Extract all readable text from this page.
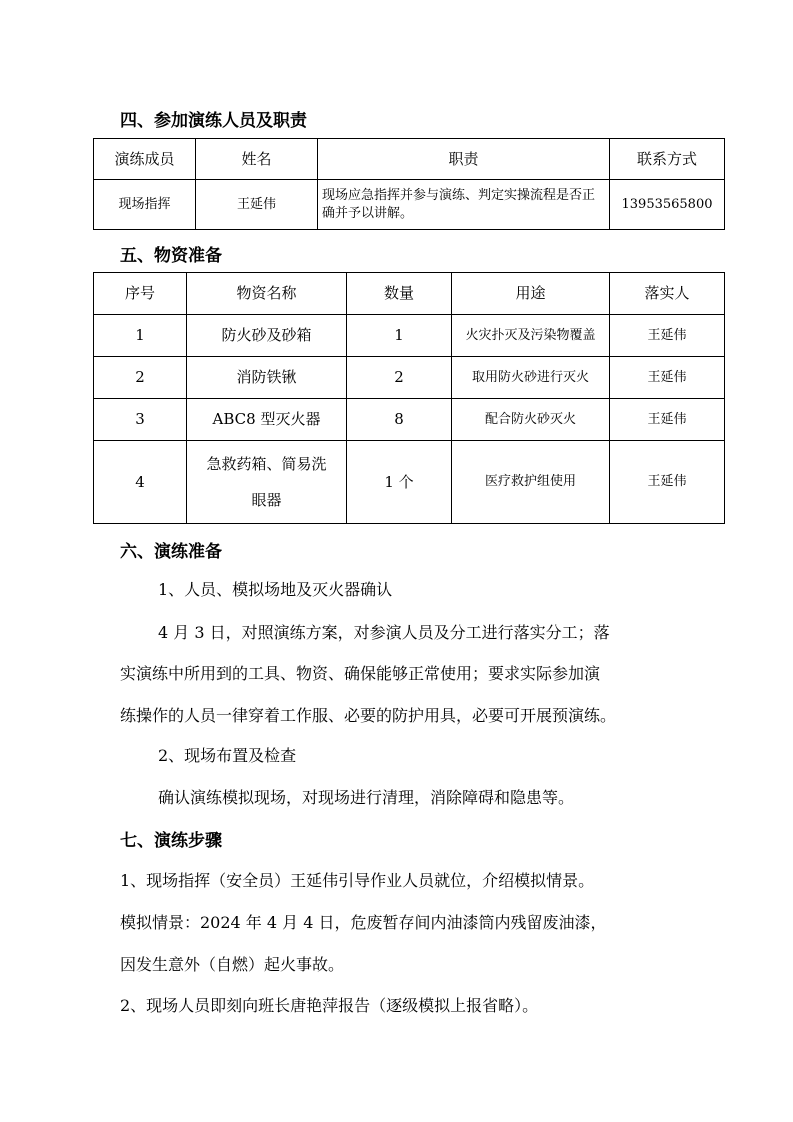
四、参加演练人员及职责
演练成员	姓名	职责	联系方式
现场指挥	王延伟	现场应急指挥并参与演练、判定实操流程是否正确并予以讲解。	13953565800
五、物资准备
序号	物资名称	数量	用途	落实人
1	防火砂及砂箱	1	火灾扑灭及污染物覆盖	王延伟
2	消防铁锹	2	取用防火砂进行灭火	王延伟
3	ABC8 型灭火器	8	配合防火砂灭火	王延伟
4	急救药箱、简易洗眼器	1 个	医疗救护组使用	王延伟
六、演练准备
1、人员、模拟场地及灭火器确认
4 月 3 日，对照演练方案，对参演人员及分工进行落实分工；落
实演练中所用到的工具、物资、确保能够正常使用；要求实际参加演
练操作的人员一律穿着工作服、必要的防护用具，必要可开展预演练。
2、现场布置及检查
确认演练模拟现场，对现场进行清理，消除障碍和隐患等。
七、演练步骤
1、现场指挥（安全员）王延伟引导作业人员就位，介绍模拟情景。
模拟情景：2024 年 4 月 4 日，危废暂存间内油漆筒内残留废油漆，
因发生意外（自燃）起火事故。
2、现场人员即刻向班长唐艳萍报告（逐级模拟上报省略）。
